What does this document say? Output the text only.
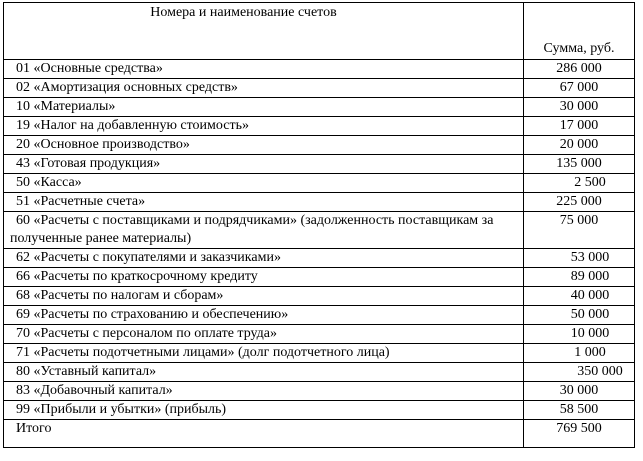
Номера и наименование счетов	Сумма, руб.
01 «Основные средства»	286 000
02 «Амортизация основных средств»	67 000
10 «Материалы»	30 000
19 «Налог на добавленную стоимость»	17 000
20 «Основное производство»	20 000
43 «Готовая продукция»	135 000
50 «Касса»	2 500
51 «Расчетные счета»	225 000
60 «Расчеты с поставщиками и подрядчиками» (задолженность поставщикам за полученные ранее материалы)	75 000
62 «Расчеты с покупателями и заказчиками»	53 000
66 «Расчеты по краткосрочному кредиту	89 000
68 «Расчеты по налогам и сборам»	40 000
69 «Расчеты по страхованию и обеспечению»	50 000
70 «Расчеты с персоналом по оплате труда»	10 000
71 «Расчеты подотчетными лицами» (долг подотчетного лица)	1 000
80 «Уставный капитал»	350 000
83 «Добавочный капитал»	30 000
99 «Прибыли и убытки» (прибыль)	58 500
Итого	769 500
